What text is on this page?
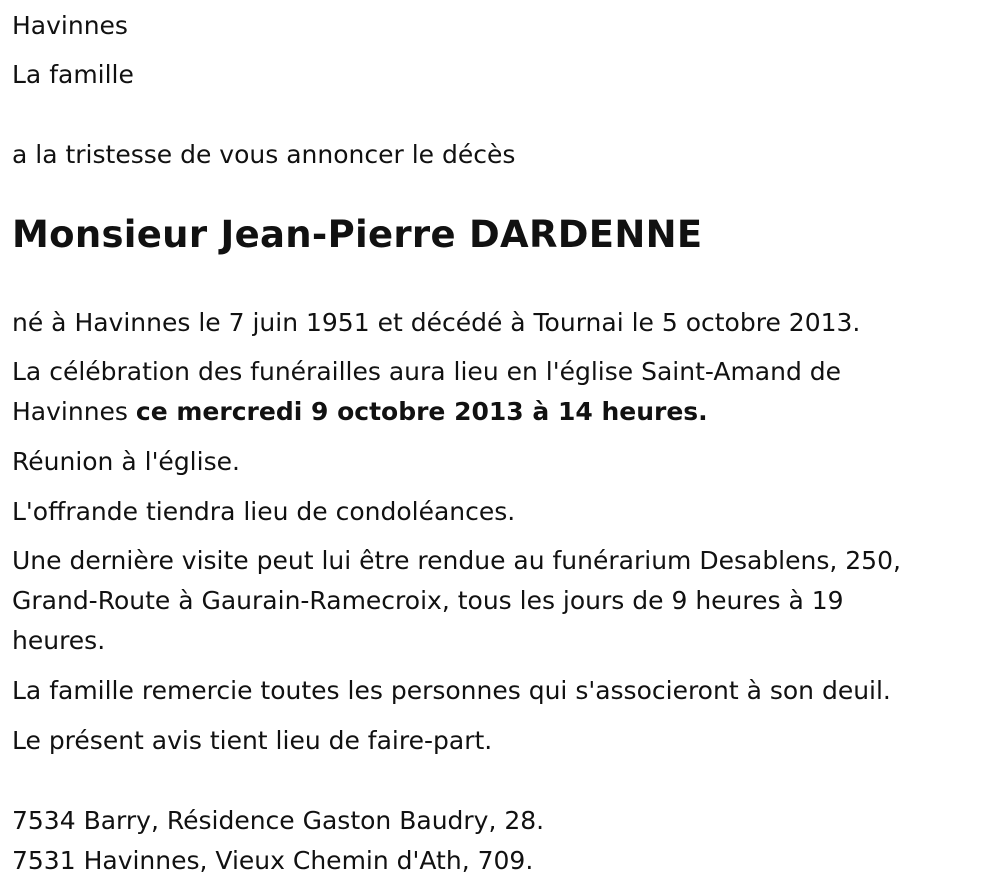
Havinnes

La famille

a la tristesse de vous annoncer le décès

Monsieur Jean-Pierre DARDENNE

né à Havinnes le 7 juin 1951 et décédé à Tournai le 5 octobre 2013.

La célébration des funérailles aura lieu en l'église Saint-Amand de

Havinnes ce mercredi 9 octobre 2013 à 14 heures.

Réunion à l'église.

L'offrande tiendra lieu de condoléances.

Une dernière visite peut lui être rendue au funérarium Desablens, 250,

Grand-Route à Gaurain-Ramecroix, tous les jours de 9 heures à 19

heures.

La famille remercie toutes les personnes qui s'associeront à son deuil.

Le présent avis tient lieu de faire-part.

7534 Barry, Résidence Gaston Baudry, 28.

7531 Havinnes, Vieux Chemin d'Ath, 709.
